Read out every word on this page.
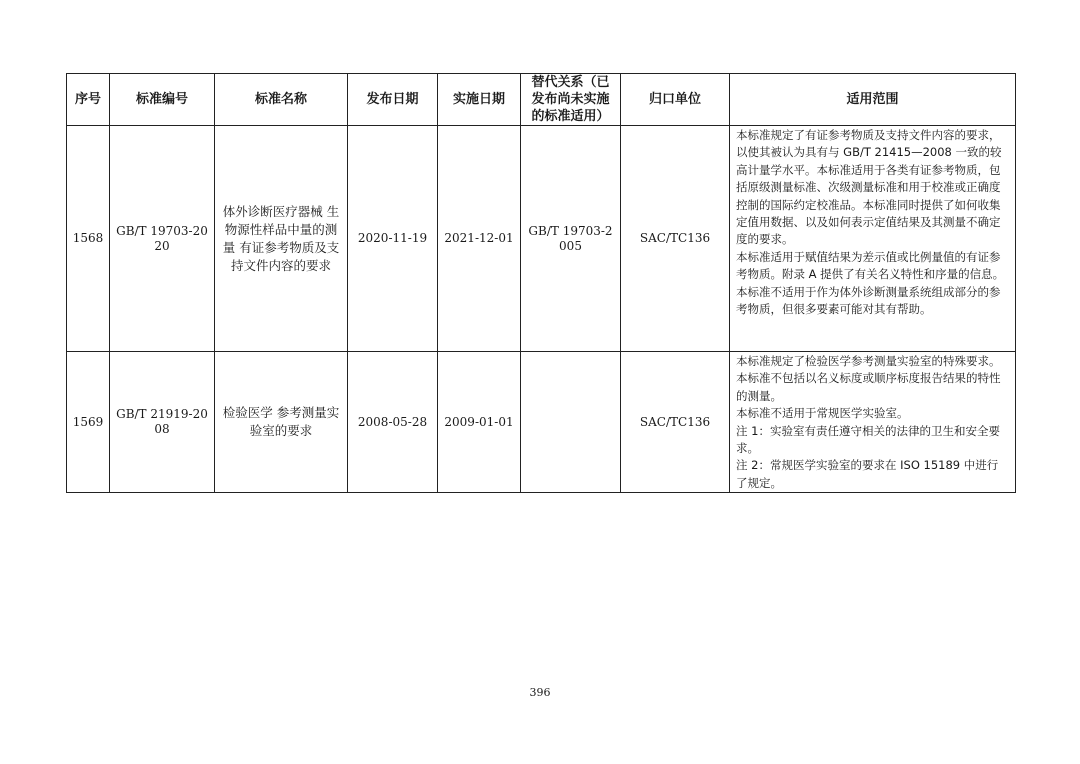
序号	标准编号	标准名称	发布日期	实施日期	替代关系（已发布尚未实施的标准适用）	归口单位	适用范围
1568	GB/T 19703-2020	体外诊断医疗器械 生物源性样品中量的测量 有证参考物质及支持文件内容的要求	2020-11-19	2021-12-01	GB/T 19703-2005	SAC/TC136	本标准规定了有证参考物质及支持文件内容的要求，以使其被认为具有与 GB/T 21415—2008 一致的较高计量学水平。本标准适用于各类有证参考物质，包括原级测量标准、次级测量标准和用于校准或正确度控制的国际约定校准品。本标准同时提供了如何收集定值用数据、以及如何表示定值结果及其测量不确定度的要求。

本标准适用于赋值结果为差示值或比例量值的有证参考物质。附录 A 提供了有关名义特性和序量的信息。

本标准不适用于作为体外诊断测量系统组成部分的参考物质，但很多要素可能对其有帮助。

1569	GB/T 21919-2008	检验医学 参考测量实验室的要求	2008-05-28	2009-01-01		SAC/TC136	本标准规定了检验医学参考测量实验室的特殊要求。本标准不包括以名义标度或顺序标度报告结果的特性的测量。

本标准不适用于常规医学实验室。

注 1：实验室有责任遵守相关的法律的卫生和安全要求。

注 2：常规医学实验室的要求在 ISO 15189 中进行了规定。

396
